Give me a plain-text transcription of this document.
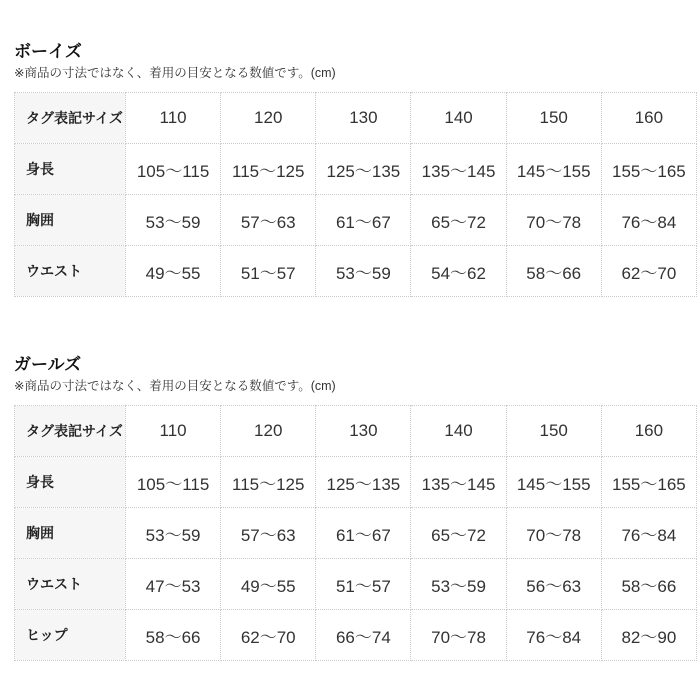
ボーイズ

※商品の寸法ではなく、着用の目安となる数値です。(cm)

タグ表記サイズ	110	120	130	140	150	160
身長	105〜115	115〜125	125〜135	135〜145	145〜155	155〜165
胸囲	53〜59	57〜63	61〜67	65〜72	70〜78	76〜84
ウエスト	49〜55	51〜57	53〜59	54〜62	58〜66	62〜70
ガールズ

※商品の寸法ではなく、着用の目安となる数値です。(cm)

タグ表記サイズ	110	120	130	140	150	160
身長	105〜115	115〜125	125〜135	135〜145	145〜155	155〜165
胸囲	53〜59	57〜63	61〜67	65〜72	70〜78	76〜84
ウエスト	47〜53	49〜55	51〜57	53〜59	56〜63	58〜66
ヒップ	58〜66	62〜70	66〜74	70〜78	76〜84	82〜90
